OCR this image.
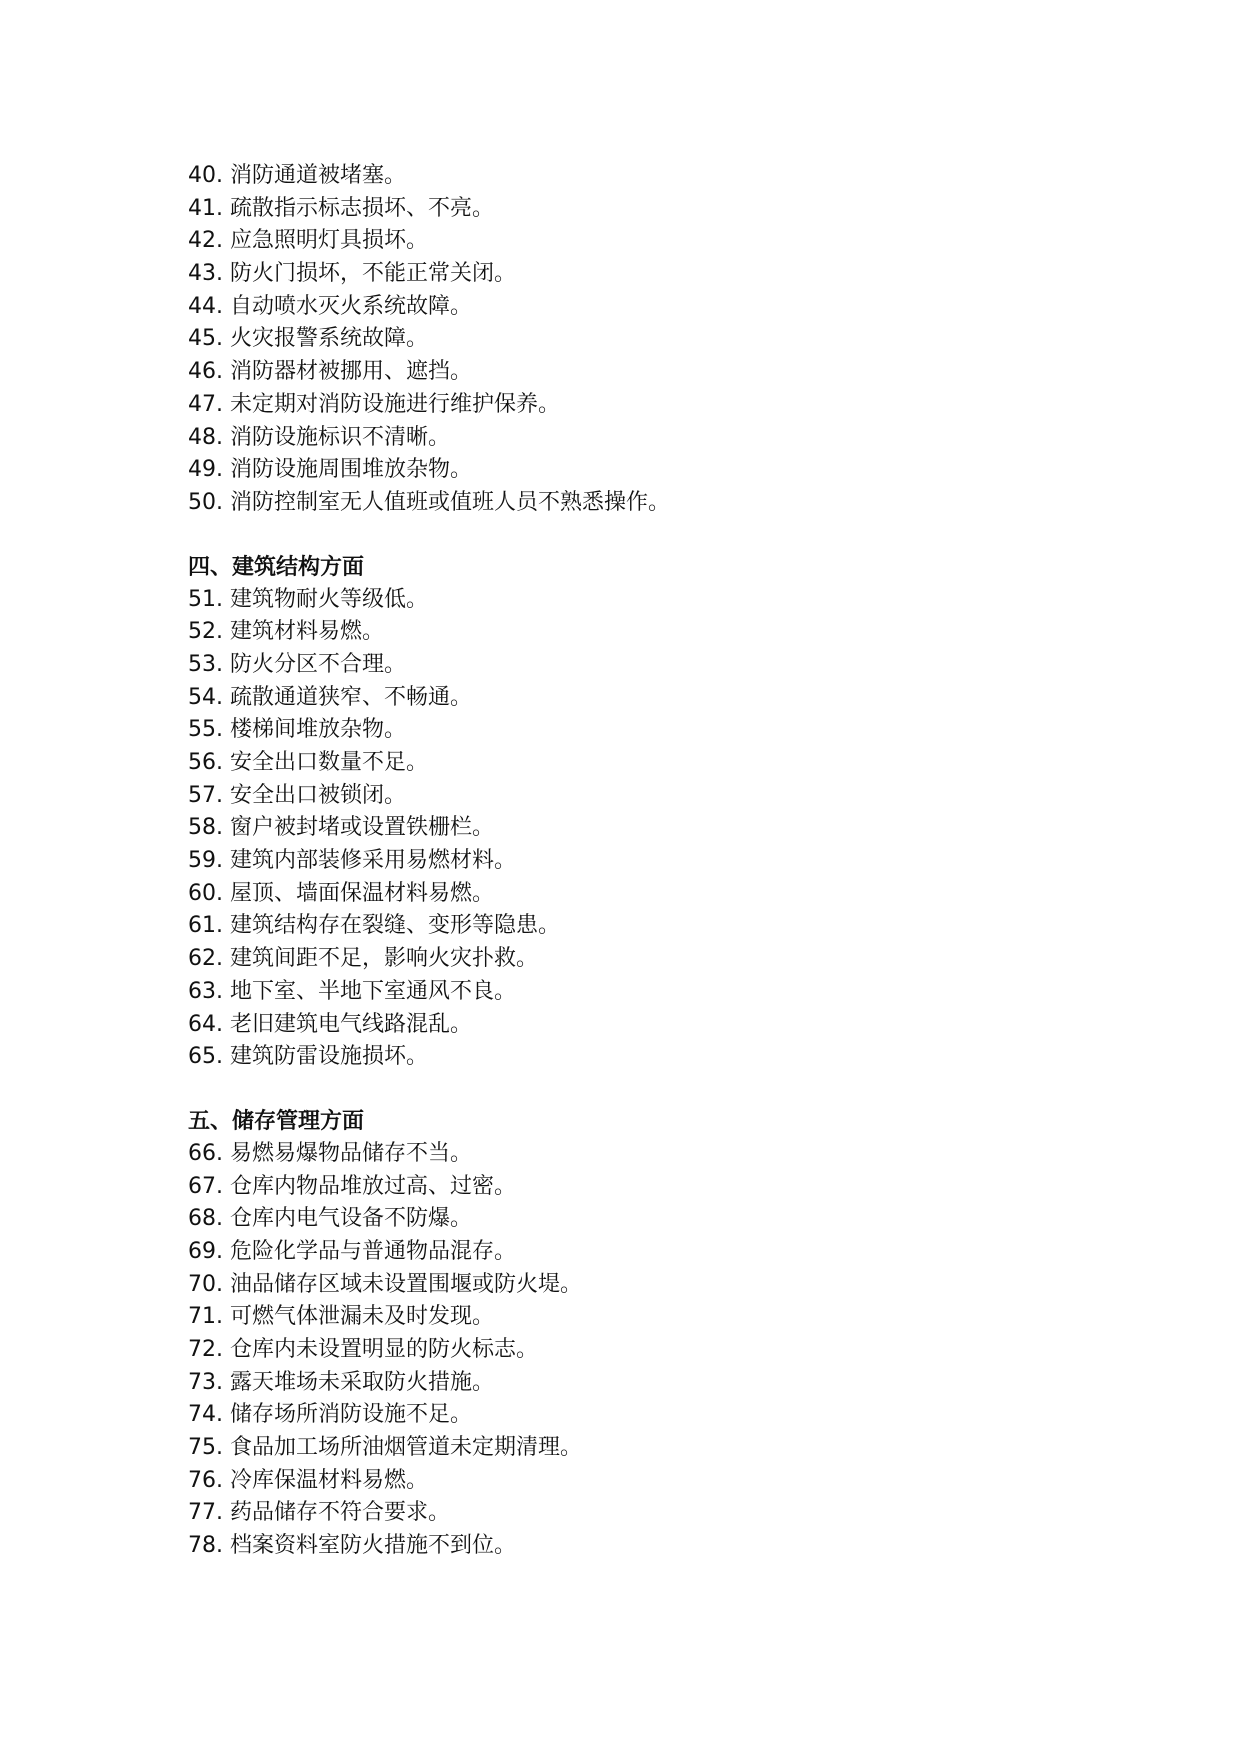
40. 消防通道被堵塞。
41. 疏散指示标志损坏、不亮。
42. 应急照明灯具损坏。
43. 防火门损坏，不能正常关闭。
44. 自动喷水灭火系统故障。
45. 火灾报警系统故障。
46. 消防器材被挪用、遮挡。
47. 未定期对消防设施进行维护保养。
48. 消防设施标识不清晰。
49. 消防设施周围堆放杂物。
50. 消防控制室无人值班或值班人员不熟悉操作。
四、建筑结构方面
51. 建筑物耐火等级低。
52. 建筑材料易燃。
53. 防火分区不合理。
54. 疏散通道狭窄、不畅通。
55. 楼梯间堆放杂物。
56. 安全出口数量不足。
57. 安全出口被锁闭。
58. 窗户被封堵或设置铁栅栏。
59. 建筑内部装修采用易燃材料。
60. 屋顶、墙面保温材料易燃。
61. 建筑结构存在裂缝、变形等隐患。
62. 建筑间距不足，影响火灾扑救。
63. 地下室、半地下室通风不良。
64. 老旧建筑电气线路混乱。
65. 建筑防雷设施损坏。
五、储存管理方面
66. 易燃易爆物品储存不当。
67. 仓库内物品堆放过高、过密。
68. 仓库内电气设备不防爆。
69. 危险化学品与普通物品混存。
70. 油品储存区域未设置围堰或防火堤。
71. 可燃气体泄漏未及时发现。
72. 仓库内未设置明显的防火标志。
73. 露天堆场未采取防火措施。
74. 储存场所消防设施不足。
75. 食品加工场所油烟管道未定期清理。
76. 冷库保温材料易燃。
77. 药品储存不符合要求。
78. 档案资料室防火措施不到位。
